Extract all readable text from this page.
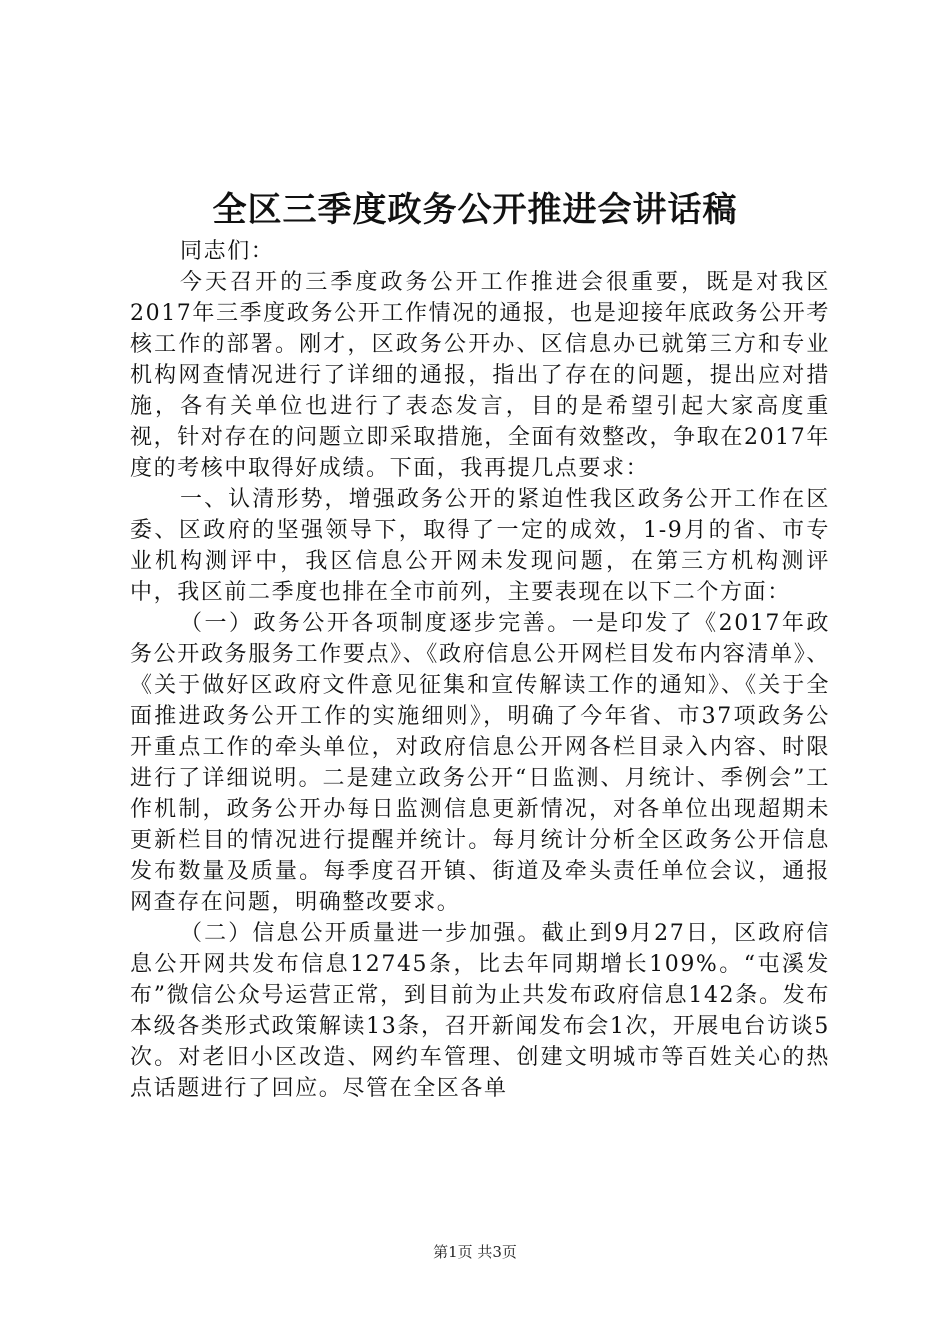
全区三季度政务公开推进会讲话稿

同志们：

今天召开的三季度政务公开工作推进会很重要，既是对我区2017年三季度政务公开工作情况的通报，也是迎接年底政务公开考核工作的部署。刚才，区政务公开办、区信息办已就第三方和专业机构网查情况进行了详细的通报，指出了存在的问题，提出应对措施，各有关单位也进行了表态发言，目的是希望引起大家高度重视，针对存在的问题立即采取措施，全面有效整改，争取在2017年度的考核中取得好成绩。下面，我再提几点要求：

一、认清形势，增强政务公开的紧迫性我区政务公开工作在区委、区政府的坚强领导下，取得了一定的成效，1-9月的省、市专业机构测评中，我区信息公开网未发现问题，在第三方机构测评中，我区前二季度也排在全市前列，主要表现在以下二个方面：

（一）政务公开各项制度逐步完善。一是印发了《2017年政务公开政务服务工作要点》、《政府信息公开网栏目发布内容清单》、《关于做好区政府文件意见征集和宣传解读工作的通知》、《关于全面推进政务公开工作的实施细则》，明确了今年省、市37项政务公开重点工作的牵头单位，对政府信息公开网各栏目录入内容、时限进行了详细说明。二是建立政务公开“日监测、月统计、季例会”工作机制，政务公开办每日监测信息更新情况，对各单位出现超期未更新栏目的情况进行提醒并统计。每月统计分析全区政务公开信息发布数量及质量。每季度召开镇、街道及牵头责任单位会议，通报网查存在问题，明确整改要求。

（二）信息公开质量进一步加强。截止到9月27日，区政府信息公开网共发布信息12745条，比去年同期增长109%。“屯溪发布”微信公众号运营正常，到目前为止共发布政府信息142条。发布本级各类形式政策解读13条，召开新闻发布会1次，开展电台访谈5次。对老旧小区改造、网约车管理、创建文明城市等百姓关心的热点话题进行了回应。尽管在全区各单

第1页 共3页
